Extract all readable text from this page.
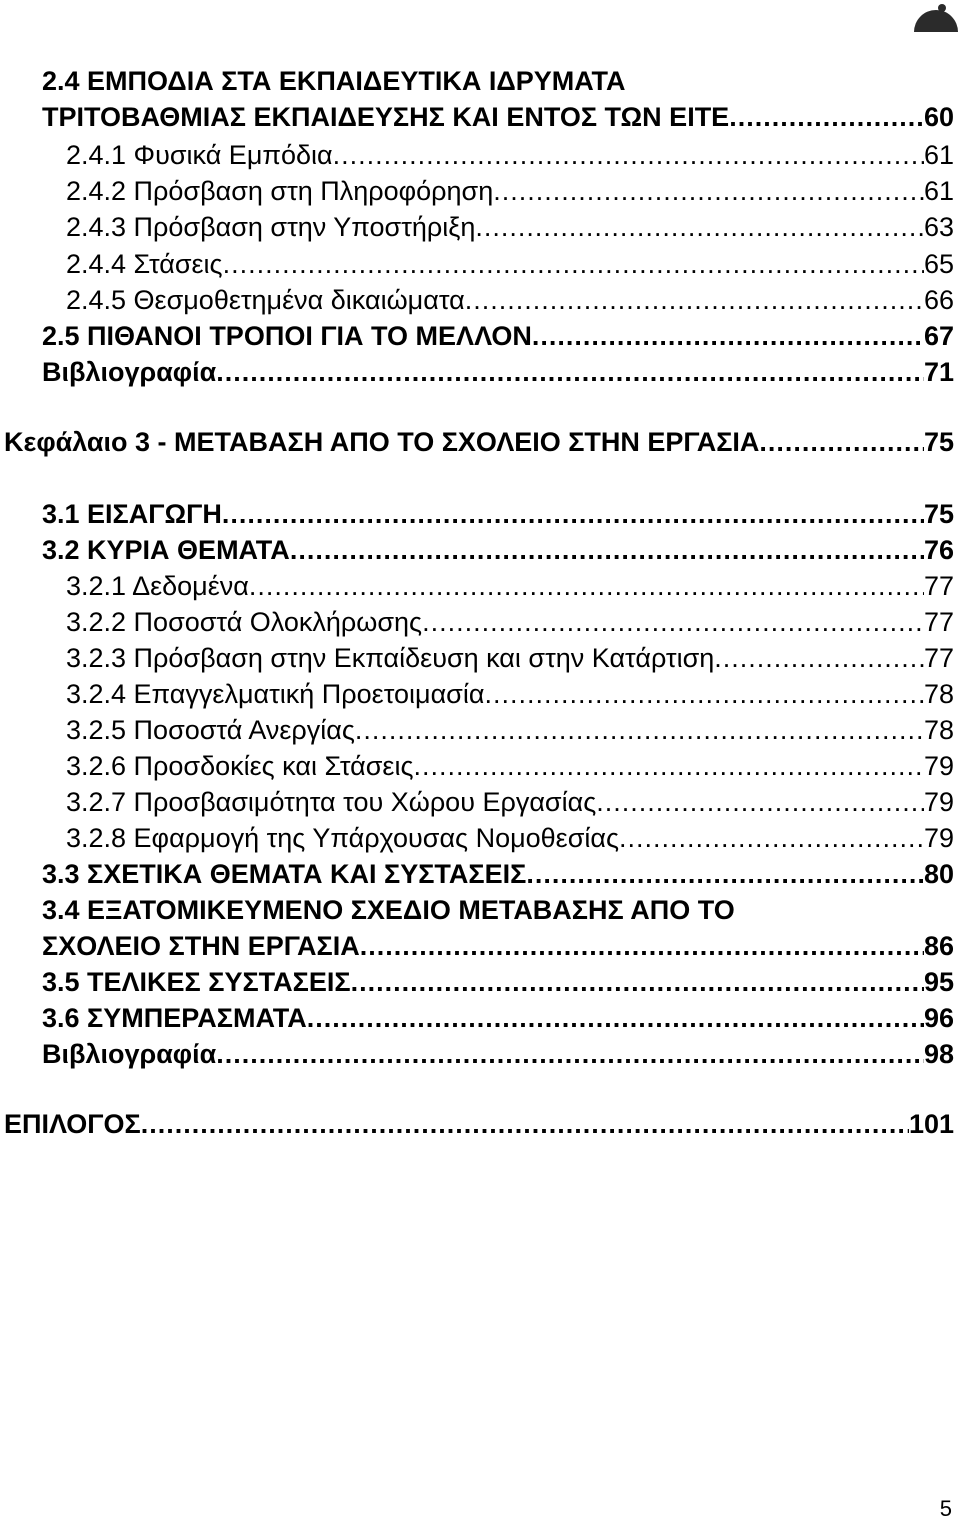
2.4 ΕΜΠΟΔΙΑ ΣΤΑ ΕΚΠΑΙΔΕΥΤΙΚΑ ΙΔΡΥΜΑΤΑ
ΤΡΙΤΟΒΑΘΜΙΑΣ ΕΚΠΑΙΔΕΥΣΗΣ ΚΑΙ ΕΝΤΟΣ ΤΩΝ ΕΙΤΕ .....	60
2.4.1 Φυσικά Εμπόδια .....	61
2.4.2 Πρόσβαση στη Πληροφόρηση .....	61
2.4.3 Πρόσβαση στην Υποστήριξη .....	63
2.4.4 Στάσεις .....	65
2.4.5 Θεσμοθετημένα δικαιώματα .....	66
2.5 ΠΙΘΑΝΟΙ ΤΡΟΠΟΙ ΓΙΑ ΤΟ ΜΕΛΛΟΝ .....	67
Βιβλιογραφία .....	71
Κεφάλαιο 3 - ΜΕΤΑΒΑΣΗ ΑΠΟ ΤΟ ΣΧΟΛΕΙΟ ΣΤΗΝ ΕΡΓΑΣΙΑ .....	75
3.1 ΕΙΣΑΓΩΓΗ .....	75
3.2 ΚΥΡΙΑ ΘΕΜΑΤΑ .....	76
3.2.1 Δεδομένα .....	77
3.2.2 Ποσοστά Ολοκλήρωσης .....	77
3.2.3 Πρόσβαση στην Εκπαίδευση και στην Κατάρτιση .....	77
3.2.4 Επαγγελματική Προετοιμασία .....	78
3.2.5 Ποσοστά Ανεργίας .....	78
3.2.6 Προσδοκίες και Στάσεις .....	79
3.2.7 Προσβασιμότητα του Χώρου Εργασίας .....	79
3.2.8 Εφαρμογή της Υπάρχουσας Νομοθεσίας .....	79
3.3 ΣΧΕΤΙΚΑ ΘΕΜΑΤΑ ΚΑΙ ΣΥΣΤΑΣΕΙΣ .....	80
3.4 ΕΞΑΤΟΜΙΚΕΥΜΕΝΟ ΣΧΕΔΙΟ ΜΕΤΑΒΑΣΗΣ ΑΠΟ ΤΟ
ΣΧΟΛΕΙΟ ΣΤΗΝ ΕΡΓΑΣΙΑ .....	86
3.5 ΤΕΛΙΚΕΣ ΣΥΣΤΑΣΕΙΣ .....	95
3.6 ΣΥΜΠΕΡΑΣΜΑΤΑ .....	96
Βιβλιογραφία .....	98
ΕΠΙΛΟΓΟΣ .....	101
5
